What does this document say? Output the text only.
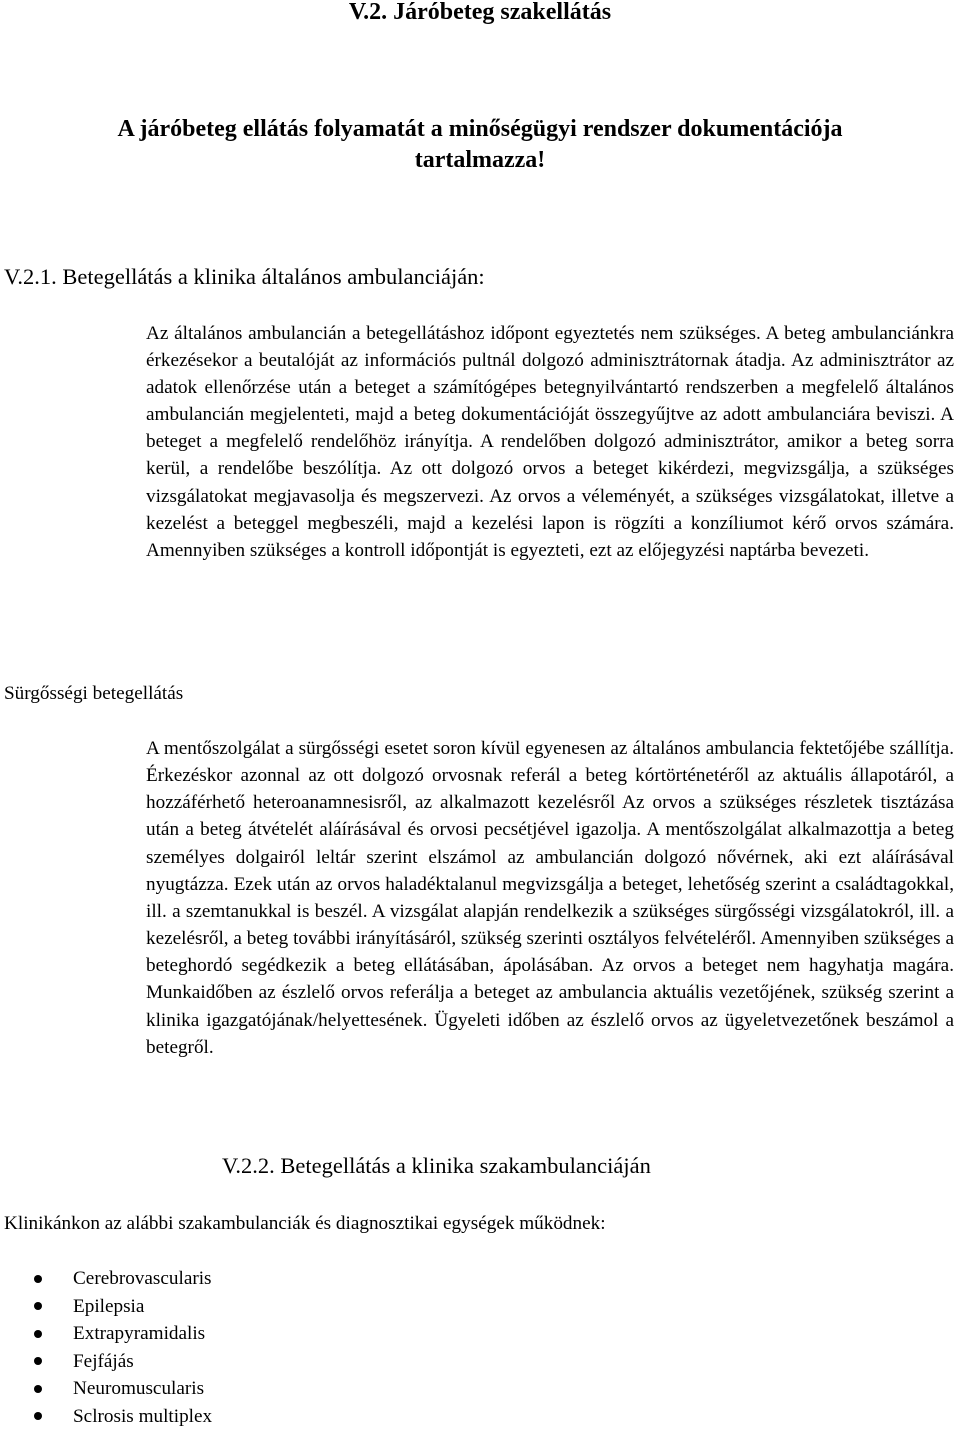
V.2. Járóbeteg szakellátás
A járóbeteg ellátás folyamatát a minőségügyi rendszer dokumentációja tartalmazza!
V.2.1. Betegellátás a klinika általános ambulanciáján:

Az általános ambulancián a betegellátáshoz időpont egyeztetés nem szükséges. A beteg ambulanciánkra érkezésekor a beutalóját az információs pultnál dolgozó adminisztrátornak átadja. Az adminisztrátor az adatok ellenőrzése után a beteget a számítógépes betegnyilvántartó rendszerben a megfelelő általános ambulancián megjelenteti, majd a beteg dokumentációját összegyűjtve az adott ambulanciára beviszi. A beteget a megfelelő rendelőhöz irányítja. A rendelőben dolgozó adminisztrátor, amikor a beteg sorra kerül, a rendelőbe beszólítja. Az ott dolgozó orvos a beteget kikérdezi, megvizsgálja, a szükséges vizsgálatokat megjavasolja és megszervezi. Az orvos a véleményét, a szükséges vizsgálatokat, illetve a kezelést a beteggel megbeszéli, majd a kezelési lapon is rögzíti a konzíliumot kérő orvos számára. Amennyiben szükséges a kontroll időpontját is egyezteti, ezt az előjegyzési naptárba bevezeti.

Sürgősségi betegellátás

A mentőszolgálat a sürgősségi esetet soron kívül egyenesen az általános ambulancia fektetőjébe szállítja. Érkezéskor azonnal az ott dolgozó orvosnak referál a beteg kórtörténetéről az aktuális állapotáról, a hozzáférhető heteroanamnesisről, az alkalmazott kezelésről Az orvos a szükséges részletek tisztázása után a beteg átvételét aláírásával és orvosi pecsétjével igazolja. A mentőszolgálat alkalmazottja a beteg személyes dolgairól leltár szerint elszámol az ambulancián dolgozó nővérnek, aki ezt aláírásával nyugtázza. Ezek után az orvos haladéktalanul megvizsgálja a beteget, lehetőség szerint a családtagokkal, ill. a szemtanukkal is beszél. A vizsgálat alapján rendelkezik a szükséges sürgősségi vizsgálatokról, ill. a kezelésről, a beteg további irányításáról, szükség szerinti osztályos felvételéről. Amennyiben szükséges a beteghordó segédkezik a beteg ellátásában, ápolásában. Az orvos a beteget nem hagyhatja magára. Munkaidőben az észlelő orvos referálja a beteget az ambulancia aktuális vezetőjének, szükség szerint a klinika igazgatójának/helyettesének. Ügyeleti időben az észlelő orvos az ügyeletvezetőnek beszámol a betegről.

V.2.2. Betegellátás a klinika szakambulanciáján
Klinikánkon az alábbi szakambulanciák és diagnosztikai egységek működnek:
Cerebrovascularis
Epilepsia
Extrapyramidalis
Fejfájás
Neuromuscularis
Sclrosis multiplex
